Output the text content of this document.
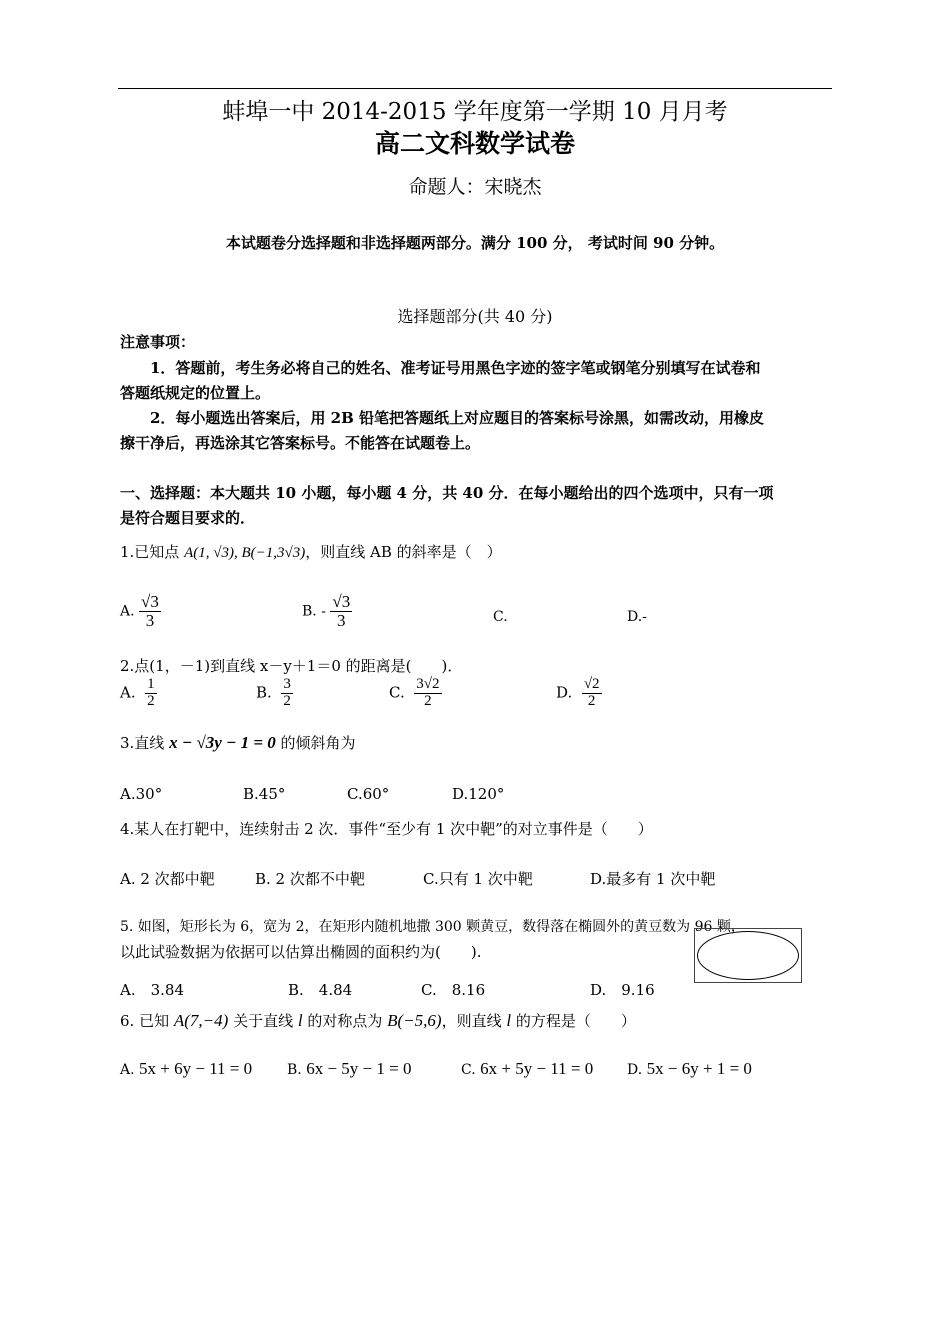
蚌埠一中 2014-2015 学年度第一学期 10 月月考
高二文科数学试卷
命题人：宋晓杰
本试题卷分选择题和非选择题两部分。满分 100 分， 考试时间 90 分钟。
选择题部分(共 40 分)
注意事项：
1．答题前，考生务必将自己的姓名、准考证号用黑色字迹的签字笔或钢笔分别填写在试卷和
答题纸规定的位置上。
2．每小题选出答案后，用 2B 铅笔把答题纸上对应题目的答案标号涂黑，如需改动，用橡皮
擦干净后，再选涂其它答案标号。不能答在试题卷上。
一、选择题：本大题共 10 小题，每小题 4 分，共 40 分．在每小题给出的四个选项中，只有一项
是符合题目要求的．
1.已知点 A(1, √3), B(−1,3√3)，则直线 AB 的斜率是（　）
A. $\frac{√3}{3}$	B. - $\frac{√3}{3}$	C.	D.-
2.点(1，－1)到直线 x－y＋1＝0 的距离是(　　)．
A. $\frac{1}{2}$	B. $\frac{3}{2}$	C. $\frac{3√2}{2}$	D. $\frac{√2}{2}$
3.直线 x − √3y − 1 = 0 的倾斜角为
A.30°	B.45°	C.60°	D.120°
4.某人在打靶中，连续射击 2 次．事件“至少有 1 次中靶”的对立事件是（　　）
A. 2 次都中靶	B. 2 次都不中靶	C.只有 1 次中靶	D.最多有 1 次中靶
5. 如图，矩形长为 6，宽为 2，在矩形内随机地撒 300 颗黄豆，数得落在椭圆外的黄豆数为 96 颗，
以此试验数据为依据可以估算出椭圆的面积约为(　　).
A.　3.84	B.　4.84	C.　8.16	D.　9.16
6. 已知 A(7,−4) 关于直线 l 的对称点为 B(−5,6)，则直线 l 的方程是（　　）
A. 5x + 6y − 11 = 0 B. 6x − 5y − 1 = 0	C. 6x + 5y − 11 = 0 D. 5x − 6y + 1 = 0
